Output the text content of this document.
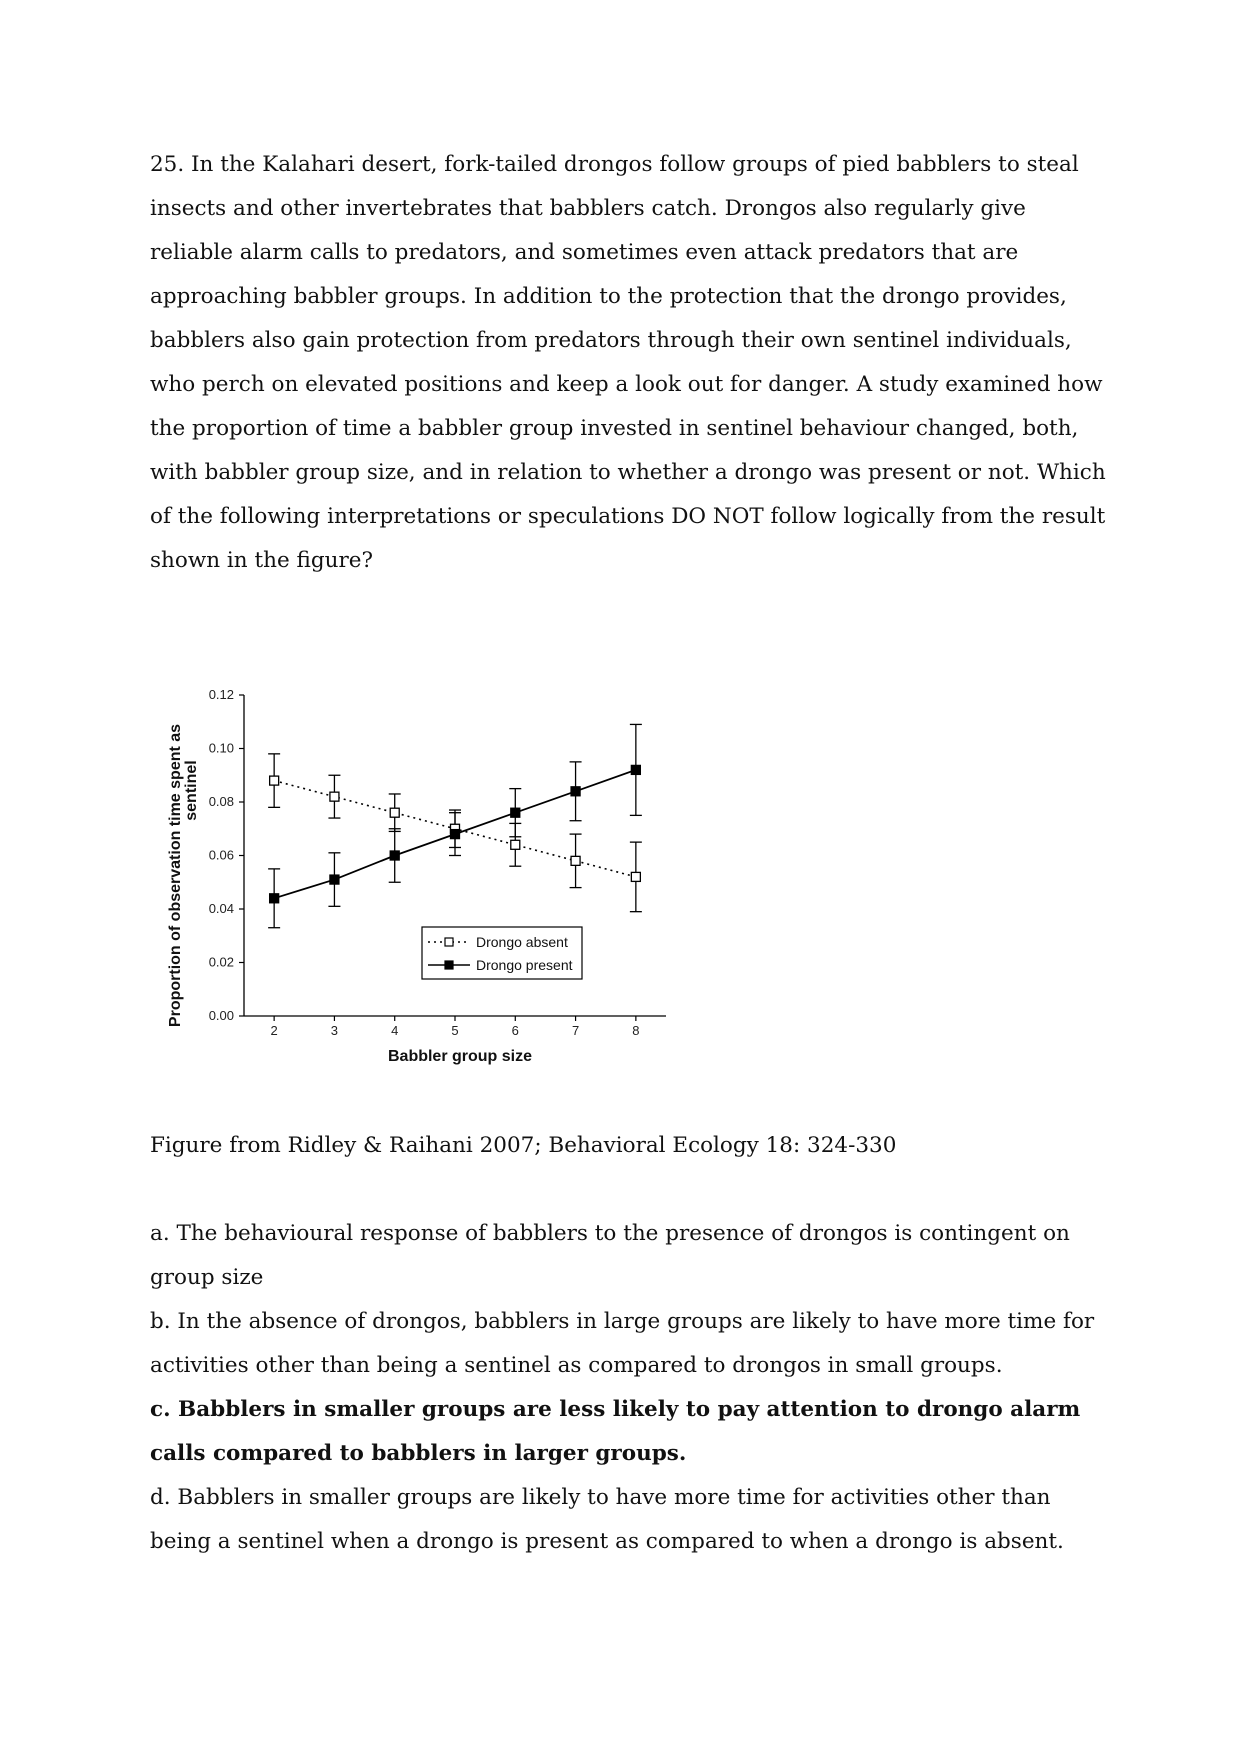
25. In the Kalahari desert, fork-tailed drongos follow groups of pied babblers to steal insects and other invertebrates that babblers catch. Drongos also regularly give reliable alarm calls to predators, and sometimes even attack predators that are approaching babbler groups. In addition to the protection that the drongo provides, babblers also gain protection from predators through their own sentinel individuals, who perch on elevated positions and keep a look out for danger. A study examined how the proportion of time a babbler group invested in sentinel behaviour changed, both, with babbler group size, and in relation to whether a drongo was present or not. Which of the following interpretations or speculations DO NOT follow logically from the result shown in the figure?

0.00
0.02
0.04
0.06
0.08
0.10
0.12
2	3	4	5	6	7	8
Babbler group size
Proportion of observation time spent as sentinel
Drongo absent
Drongo present

Figure from Ridley & Raihani 2007; Behavioral Ecology 18: 324-330

a. The behavioural response of babblers to the presence of drongos is contingent on group size
b. In the absence of drongos, babblers in large groups are likely to have more time for activities other than being a sentinel as compared to drongos in small groups.
c. Babblers in smaller groups are less likely to pay attention to drongo alarm calls compared to babblers in larger groups.
d. Babblers in smaller groups are likely to have more time for activities other than being a sentinel when a drongo is present as compared to when a drongo is absent.
